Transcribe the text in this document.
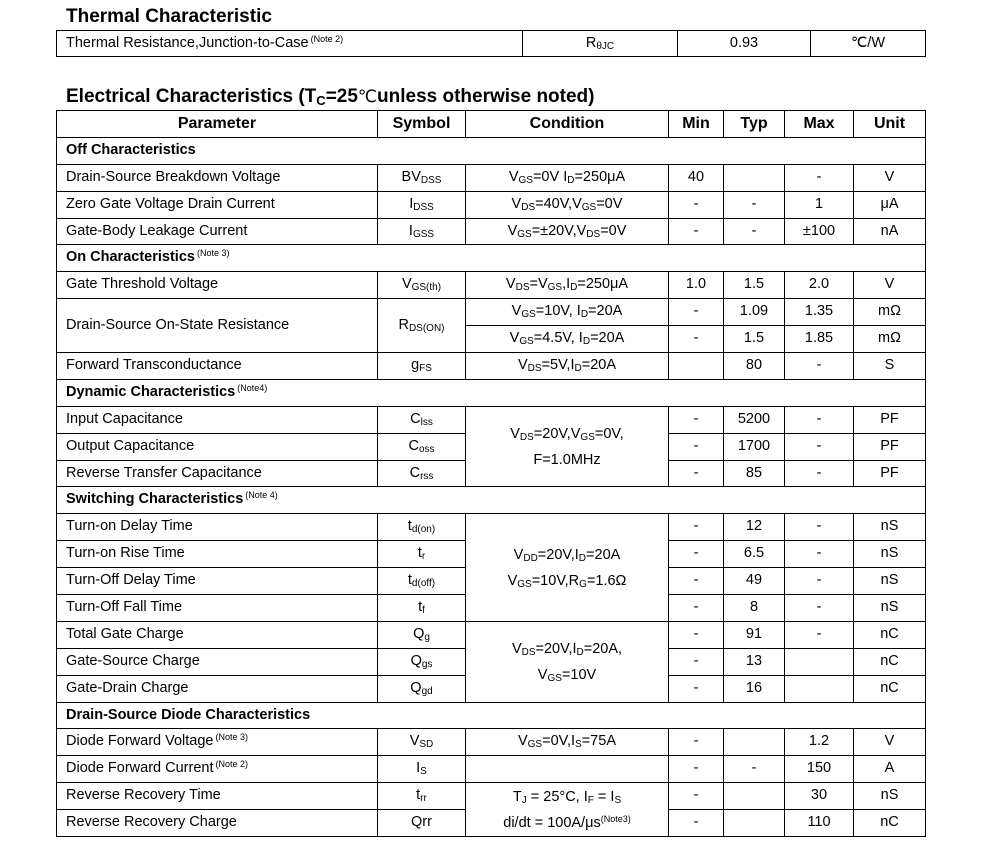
Thermal Characteristic
Thermal Resistance,Junction-to-Case $^{(Note 2)}$	$R_{\theta JC}$	0.93	℃/W
Electrical Characteristics ($T_C=25℃unless$ otherwise noted)
Parameter	Symbol	Condition	Min	Typ	Max	Unit
Off Characteristics						
Drain-Source Breakdown Voltage	$BV_{DSS}$	$V_{GS}=0V$ $I_D=250\mu A$	40		-	V
Zero Gate Voltage Drain Current	$I_{DSS}$	$V_{DS}=40V,V_{GS}=0V$	-	-	1	μA
Gate-Body Leakage Current	$I_{GSS}$	$V_{GS}=\pm 20V,V_{DS}=0V$	-	-	±100	nA
On Characteristics $^{(Note 3)}$
Gate Threshold Voltage	$V_{GS(th)}$	$V_{DS}=V_{GS},I_D=250\mu A$	1.0	1.5	2.0	V
Drain-Source On-State Resistance	$R_{DS(ON)}$	$V_{GS}=10V$, $I_D=20A$	-	1.09	1.35	mΩ
		$V_{GS}=4.5V$, $I_D=20A$	-	1.5	1.85	mΩ
Forward Transconductance	$g_{FS}$	$V_{DS}=5V,I_D=20A$		80	-	S
Dynamic Characteristics $^{(Note4)}$
Input Capacitance	$C_{lss}$	$V_{DS}=20V,V_{GS}=0V$,
F=1.0MHz	-	5200	-	PF
Output Capacitance	$C_{oss}$		-	1700	-	PF
Reverse Transfer Capacitance	$C_{rss}$		-	85	-	PF
Switching Characteristics $^{(Note 4)}$
Turn-on Delay Time	$t_{d(on)}$	$V_{DD}=20V,I_D=20A$
$V_{GS}=10V,R_G=1.6\Omega$	-	12	-	nS
Turn-on Rise Time	$t_r$		-	6.5	-	nS
Turn-Off Delay Time	$t_{d(off)}$		-	49	-	nS
Turn-Off Fall Time	$t_f$		-	8	-	nS
Total Gate Charge	$Q_g$	$V_{DS}=20V,I_D=20A$,
$V_{GS}=10V$	-	91	-	nC
Gate-Source Charge	$Q_{gs}$		-	13		nC
Gate-Drain Charge	$Q_{gd}$		-	16		nC
Drain-Source Diode Characteristics						
Diode Forward Voltage $^{(Note 3)}$	$V_{SD}$	$V_{GS}=0V,I_S=75A$	-		1.2	V
Diode Forward Current $^{(Note 2)}$	$I_S$		-	-	150	A
Reverse Recovery Time	$t_{rr}$	$T_J = 25^\circ C$, $I_F = I_S$
$di/dt = 100A/\mu s^{(Note3)}$	-		30	nS
Reverse Recovery Charge	Qrr		-		110	nC
